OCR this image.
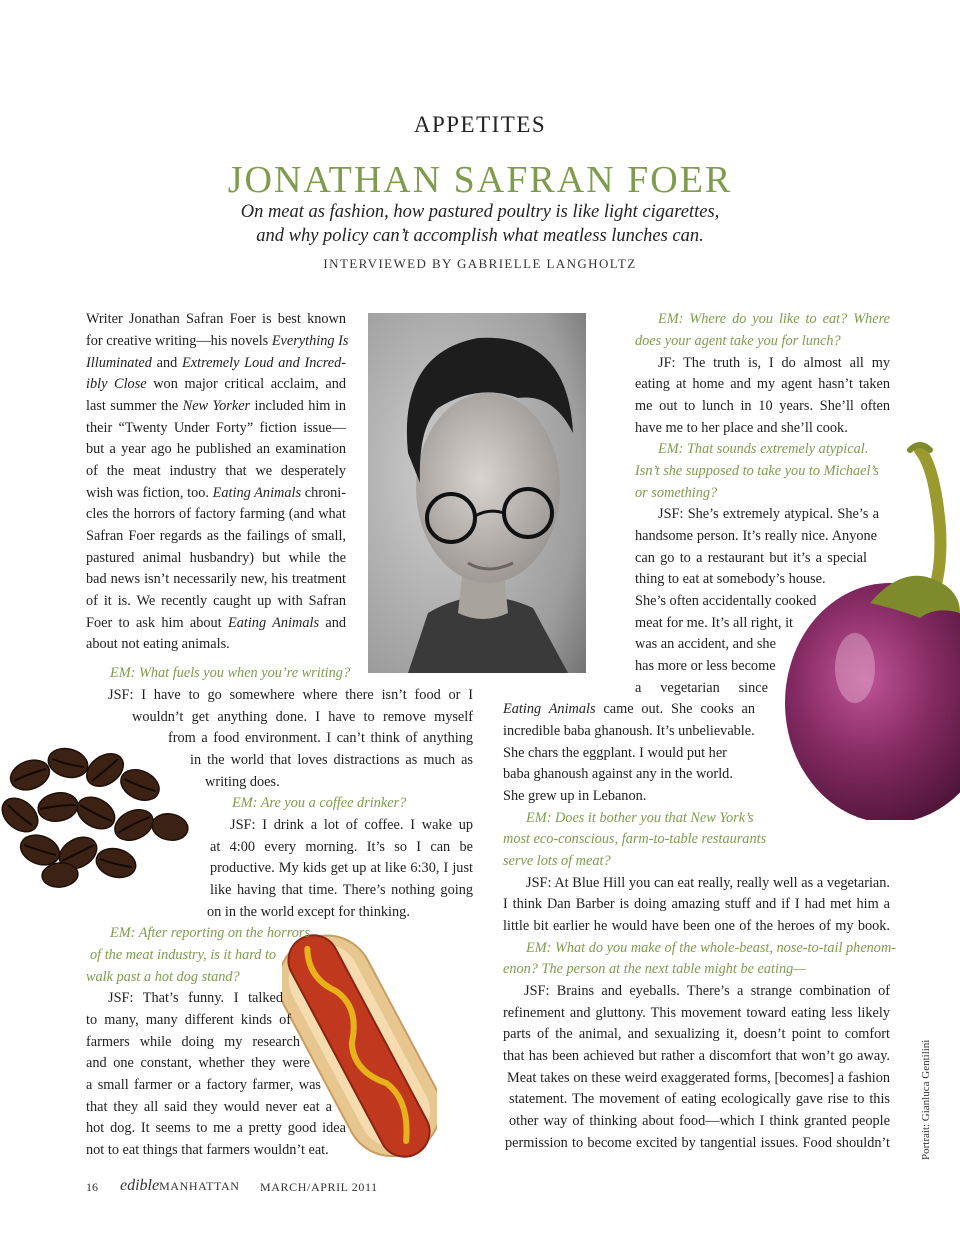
APPETITES
JONATHAN SAFRAN FOER
On meat as fashion, how pastured poultry is like light cigarettes,
and why policy can’t accomplish what meatless lunches can.
INTERVIEWED BY GABRIELLE LANGHOLTZ
Writer Jonathan Safran Foer is best known
for creative writing—his novels Everything Is
Illuminated and Extremely Loud and Incred-
ibly Close won major critical acclaim, and
last summer the New Yorker included him in
their “Twenty Under Forty” fiction issue—
but a year ago he published an examination
of the meat industry that we desperately
wish was fiction, too. Eating Animals chroni-
cles the horrors of factory farming (and what
Safran Foer regards as the failings of small,
pastured animal husbandry) but while the
bad news isn’t necessarily new, his treatment
of it is. We recently caught up with Safran
Foer to ask him about Eating Animals and
about not eating animals.
EM: What fuels you when you’re writing?
JSF: I have to go somewhere where there isn’t food or I
wouldn’t get anything done. I have to remove myself
from a food environment. I can’t think of anything
in the world that loves distractions as much as
writing does.
EM: Are you a coffee drinker?
JSF: I drink a lot of coffee. I wake up
at 4:00 every morning. It’s so I can be
productive. My kids get up at like 6:30, I just
like having that time. There’s nothing going
on in the world except for thinking.
EM: After reporting on the horrors
of the meat industry, is it hard to
walk past a hot dog stand?
JSF: That’s funny. I talked
to many, many different kinds of
farmers while doing my research
and one constant, whether they were
a small farmer or a factory farmer, was
that they all said they would never eat a
hot dog. It seems to me a pretty good idea
not to eat things that farmers wouldn’t eat.
EM: Where do you like to eat? Where
does your agent take you for lunch?
JF: The truth is, I do almost all my
eating at home and my agent hasn’t taken
me out to lunch in 10 years. She’ll often
have me to her place and she’ll cook.
EM: That sounds extremely atypical.
Isn’t she supposed to take you to Michael’s
or something?
JSF: She’s extremely atypical. She’s a
handsome person. It’s really nice. Anyone
can go to a restaurant but it’s a special
thing to eat at somebody’s house.
She’s often accidentally cooked
meat for me. It’s all right, it
was an accident, and she
has more or less become
a vegetarian since
Eating Animals came out. She cooks an
incredible baba ghanoush. It’s unbelievable.
She chars the eggplant. I would put her
baba ghanoush against any in the world.
She grew up in Lebanon.
EM: Does it bother you that New York’s
most eco-conscious, farm-to-table restaurants
serve lots of meat?
JSF: At Blue Hill you can eat really, really well as a vegetarian.
I think Dan Barber is doing amazing stuff and if I had met him a
little bit earlier he would have been one of the heroes of my book.
EM: What do you make of the whole-beast, nose-to-tail phenom-
enon? The person at the next table might be eating—
JSF: Brains and eyeballs. There’s a strange combination of
refinement and gluttony. This movement toward eating less likely
parts of the animal, and sexualizing it, doesn’t point to comfort
that has been achieved but rather a discomfort that won’t go away.
Meat takes on these weird exaggerated forms, [becomes] a fashion
statement. The movement of eating ecologically gave rise to this
other way of thinking about food—which I think granted people
permission to become excited by tangential issues. Food shouldn’t	Portrait: Gianluca Gentilini
16 edibleMANHATTAN MARCH/APRIL 2011
